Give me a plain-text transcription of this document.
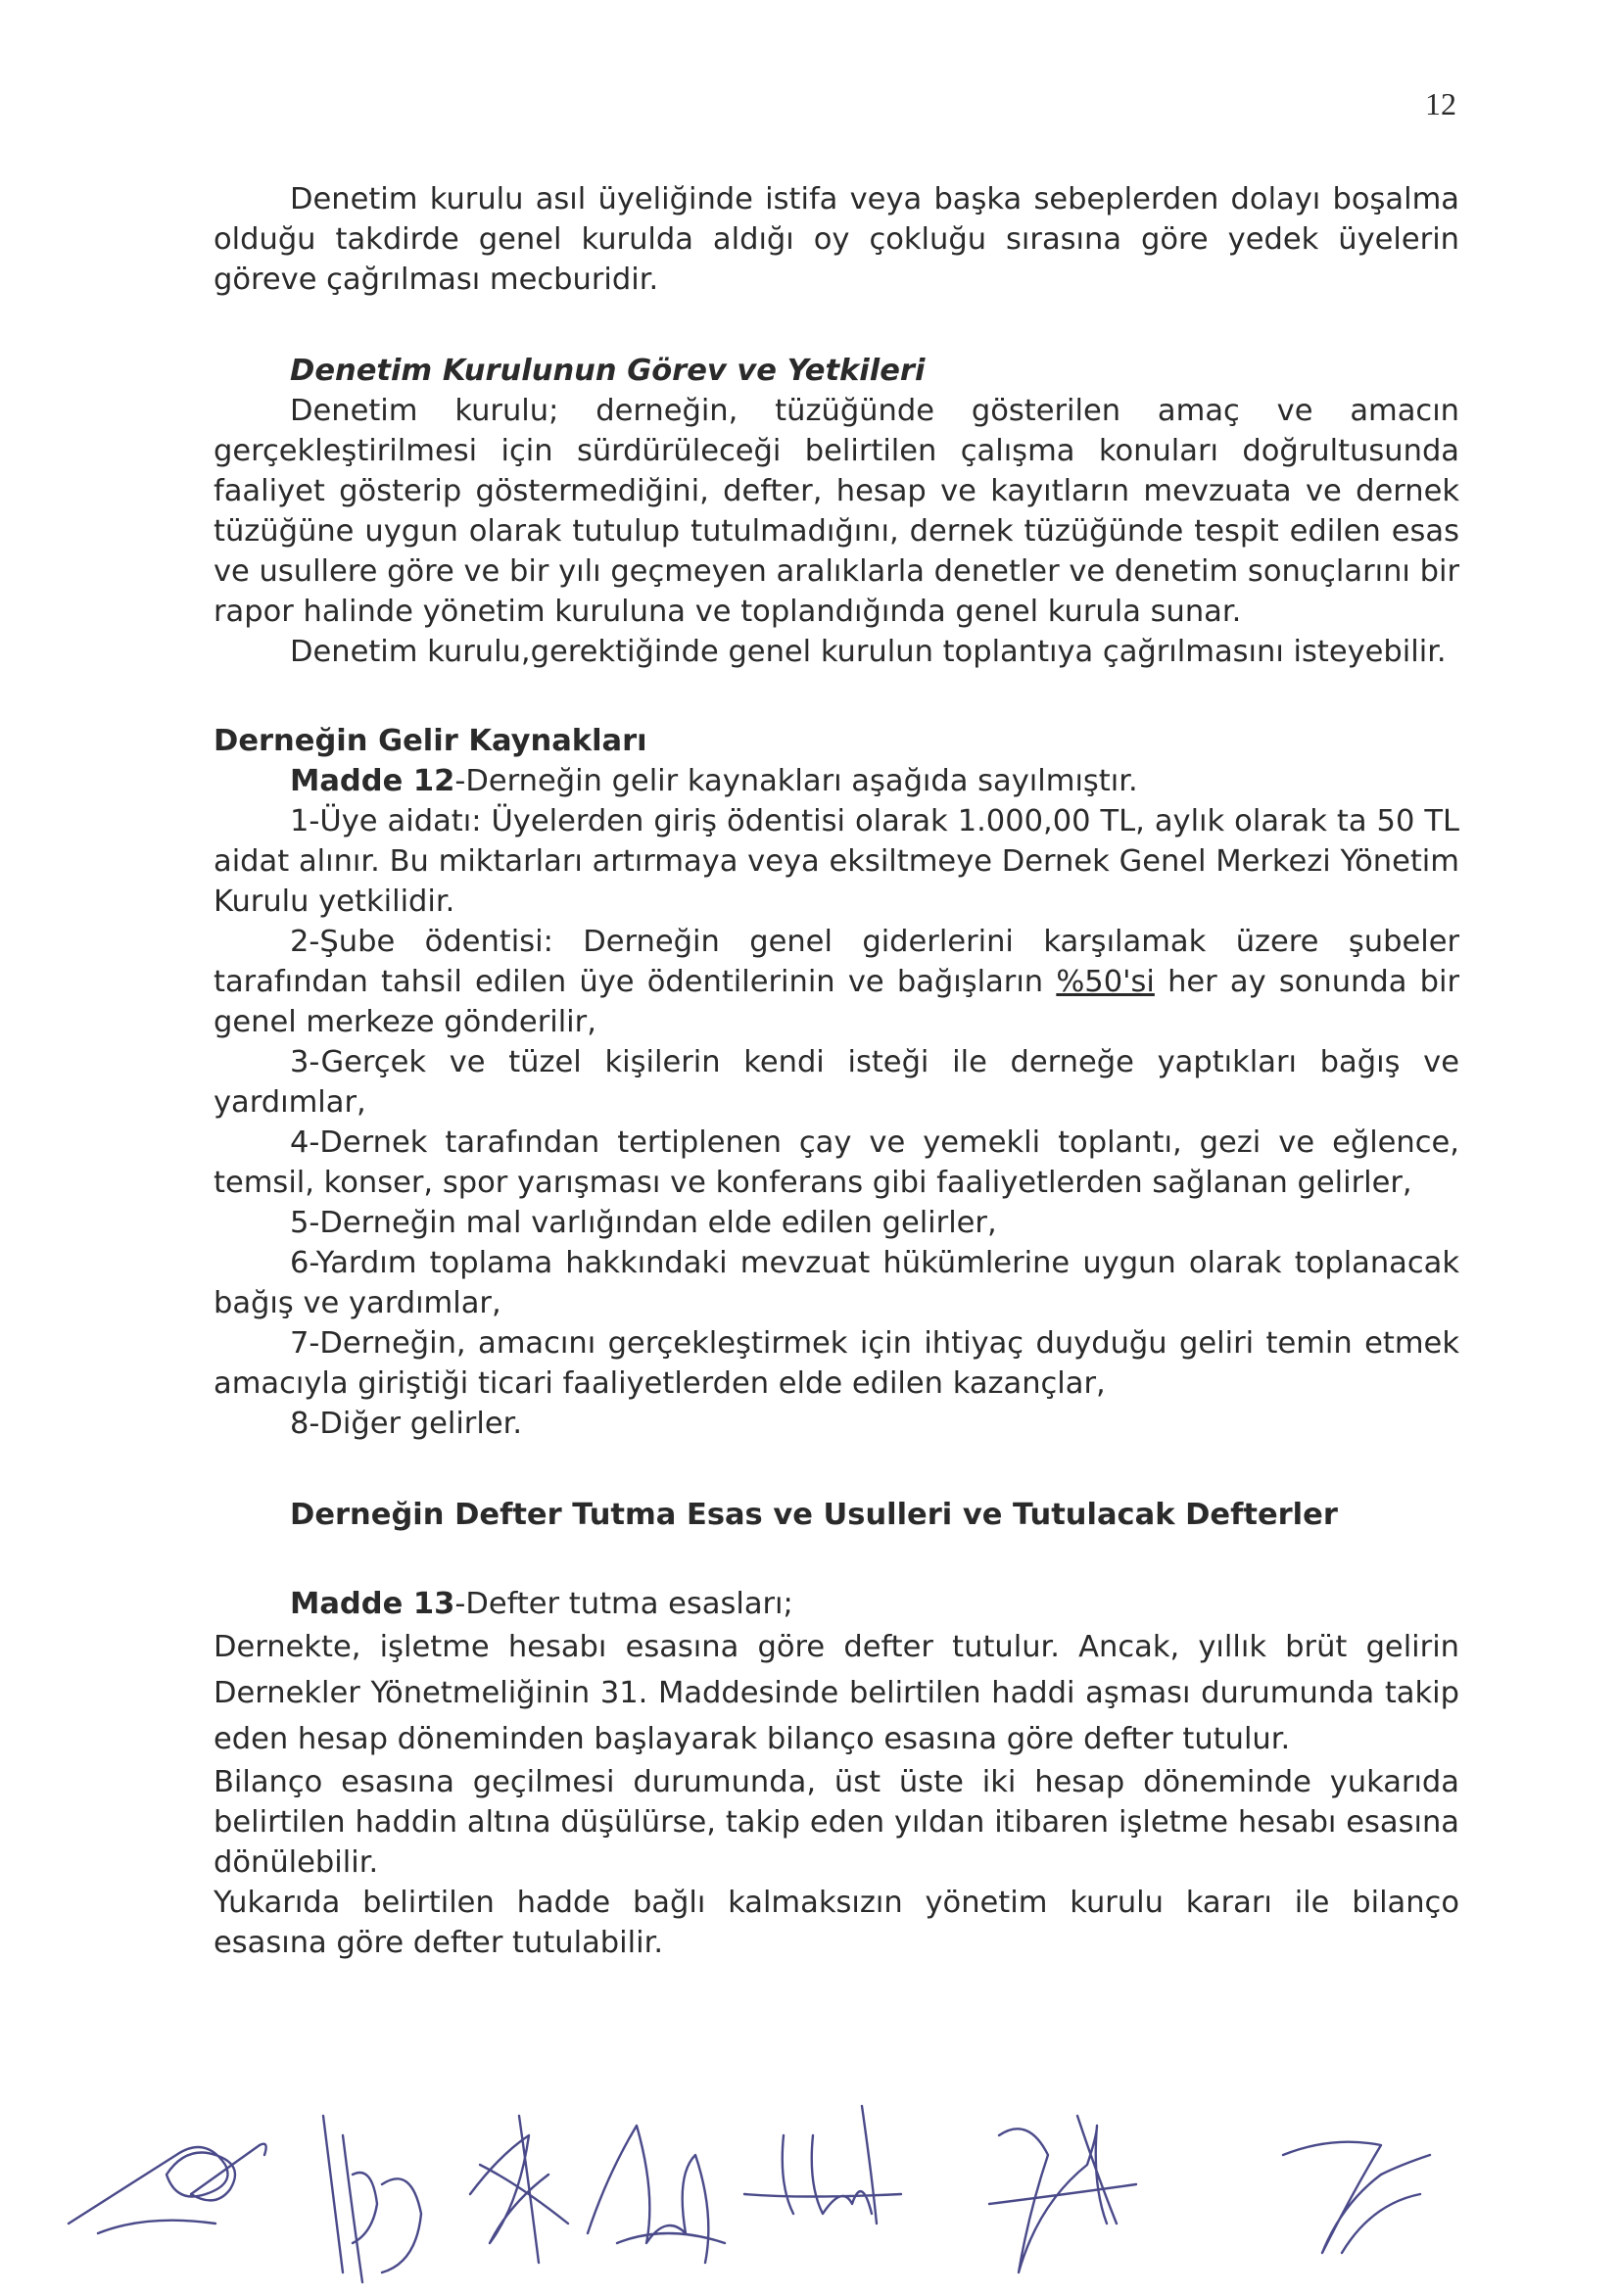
12

Denetim kurulu asıl üyeliğinde istifa veya başka sebeplerden dolayı boşalma olduğu takdirde genel kurulda aldığı oy çokluğu sırasına göre yedek üyelerin göreve çağrılması mecburidir.

Denetim Kurulunun Görev ve Yetkileri

Denetim kurulu; derneğin, tüzüğünde gösterilen amaç ve amacın gerçekleştirilmesi için sürdürüleceği belirtilen çalışma konuları doğrultusunda faaliyet gösterip göstermediğini, defter, hesap ve kayıtların mevzuata ve dernek tüzüğüne uygun olarak tutulup tutulmadığını, dernek tüzüğünde tespit edilen esas ve usullere göre ve bir yılı geçmeyen aralıklarla denetler ve denetim sonuçlarını bir rapor halinde yönetim kuruluna ve toplandığında genel kurula sunar.

Denetim kurulu,gerektiğinde genel kurulun toplantıya çağrılmasını isteyebilir.

Derneğin Gelir Kaynakları

Madde 12-Derneğin gelir kaynakları aşağıda sayılmıştır.

1-Üye aidatı: Üyelerden giriş ödentisi olarak 1.000,00 TL, aylık olarak ta 50 TL aidat alınır. Bu miktarları artırmaya veya eksiltmeye Dernek Genel Merkezi Yönetim Kurulu yetkilidir.

2-Şube ödentisi: Derneğin genel giderlerini karşılamak üzere şubeler tarafından tahsil edilen üye ödentilerinin ve bağışların %50'si her ay sonunda bir genel merkeze gönderilir,

3-Gerçek ve tüzel kişilerin kendi isteği ile derneğe yaptıkları bağış ve yardımlar,

4-Dernek tarafından tertiplenen çay ve yemekli toplantı, gezi ve eğlence, temsil, konser, spor yarışması ve konferans gibi faaliyetlerden sağlanan gelirler,

5-Derneğin mal varlığından elde edilen gelirler,

6-Yardım toplama hakkındaki mevzuat hükümlerine uygun olarak toplanacak bağış ve yardımlar,

7-Derneğin, amacını gerçekleştirmek için ihtiyaç duyduğu geliri temin etmek amacıyla giriştiği ticari faaliyetlerden elde edilen kazançlar,

8-Diğer gelirler.

Derneğin Defter Tutma Esas ve Usulleri ve Tutulacak Defterler

Madde 13-Defter tutma esasları;

Dernekte, işletme hesabı esasına göre defter tutulur. Ancak, yıllık brüt gelirin Dernekler Yönetmeliğinin 31. Maddesinde belirtilen haddi aşması durumunda takip eden hesap döneminden başlayarak bilanço esasına göre defter tutulur.

Bilanço esasına geçilmesi durumunda, üst üste iki hesap döneminde yukarıda belirtilen haddin altına düşülürse, takip eden yıldan itibaren işletme hesabı esasına dönülebilir.

Yukarıda belirtilen hadde bağlı kalmaksızın yönetim kurulu kararı ile bilanço esasına göre defter tutulabilir.
